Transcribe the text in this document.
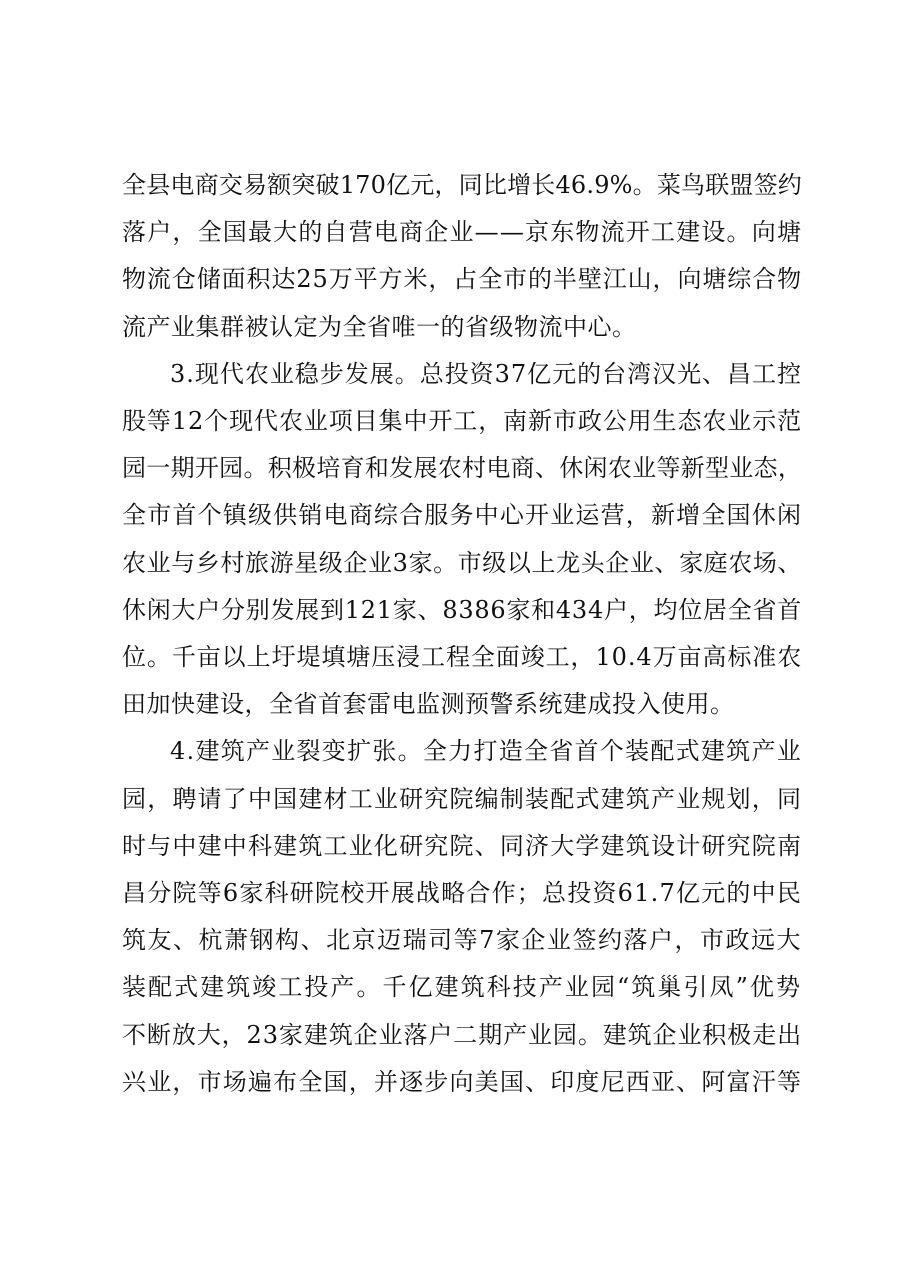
全县电商交易额突破170亿元，同比增长46.9%。菜鸟联盟签约
落户，全国最大的自营电商企业——京东物流开工建设。向塘
物流仓储面积达25万平方米，占全市的半壁江山，向塘综合物
流产业集群被认定为全省唯一的省级物流中心。
3.现代农业稳步发展。总投资37亿元的台湾汉光、昌工控
股等12个现代农业项目集中开工，南新市政公用生态农业示范
园一期开园。积极培育和发展农村电商、休闲农业等新型业态，
全市首个镇级供销电商综合服务中心开业运营，新增全国休闲
农业与乡村旅游星级企业3家。市级以上龙头企业、家庭农场、
休闲大户分别发展到121家、8386家和434户，均位居全省首
位。千亩以上圩堤填塘压浸工程全面竣工，10.4万亩高标准农
田加快建设，全省首套雷电监测预警系统建成投入使用。
4.建筑产业裂变扩张。全力打造全省首个装配式建筑产业
园，聘请了中国建材工业研究院编制装配式建筑产业规划，同
时与中建中科建筑工业化研究院、同济大学建筑设计研究院南
昌分院等6家科研院校开展战略合作；总投资61.7亿元的中民
筑友、杭萧钢构、北京迈瑞司等7家企业签约落户，市政远大
装配式建筑竣工投产。千亿建筑科技产业园“筑巢引凤”优势
不断放大，23家建筑企业落户二期产业园。建筑企业积极走出
兴业，市场遍布全国，并逐步向美国、印度尼西亚、阿富汗等
